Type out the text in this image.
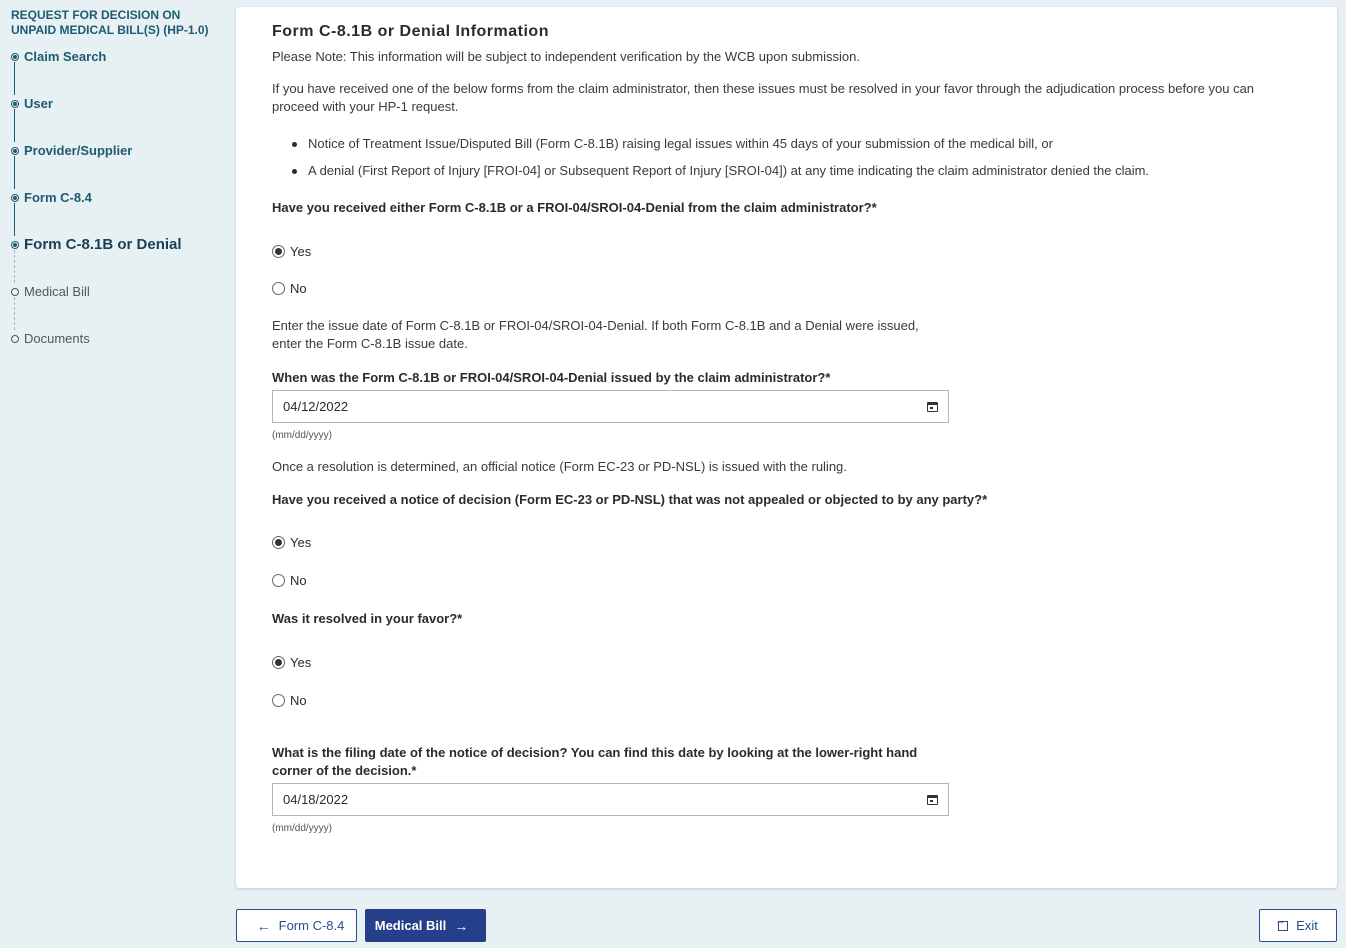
REQUEST FOR DECISION ON UNPAID MEDICAL BILL(S) (HP-1.0)
Claim Search
User
Provider/Supplier
Form C-8.4
Form C-8.1B or Denial
Medical Bill
Documents
Form C-8.1B or Denial Information
Please Note: This information will be subject to independent verification by the WCB upon submission.
If you have received one of the below forms from the claim administrator, then these issues must be resolved in your favor through the adjudication process before you can proceed with your HP-1 request.
Notice of Treatment Issue/Disputed Bill (Form C-8.1B) raising legal issues within 45 days of your submission of the medical bill, or
A denial (First Report of Injury [FROI-04] or Subsequent Report of Injury [SROI-04]) at any time indicating the claim administrator denied the claim.
Have you received either Form C-8.1B or a FROI-04/SROI-04-Denial from the claim administrator?*
Yes
No
Enter the issue date of Form C-8.1B or FROI-04/SROI-04-Denial. If both Form C-8.1B and a Denial were issued, enter the Form C-8.1B issue date.
When was the Form C-8.1B or FROI-04/SROI-04-Denial issued by the claim administrator?*
04/12/2022
(mm/dd/yyyy)
Once a resolution is determined, an official notice (Form EC-23 or PD-NSL) is issued with the ruling.
Have you received a notice of decision (Form EC-23 or PD-NSL) that was not appealed or objected to by any party?*
Yes
No
Was it resolved in your favor?*
Yes
No
What is the filing date of the notice of decision? You can find this date by looking at the lower-right hand corner of the decision.*
04/18/2022
(mm/dd/yyyy)
← Form C-8.4 Medical Bill →
→	Exit
